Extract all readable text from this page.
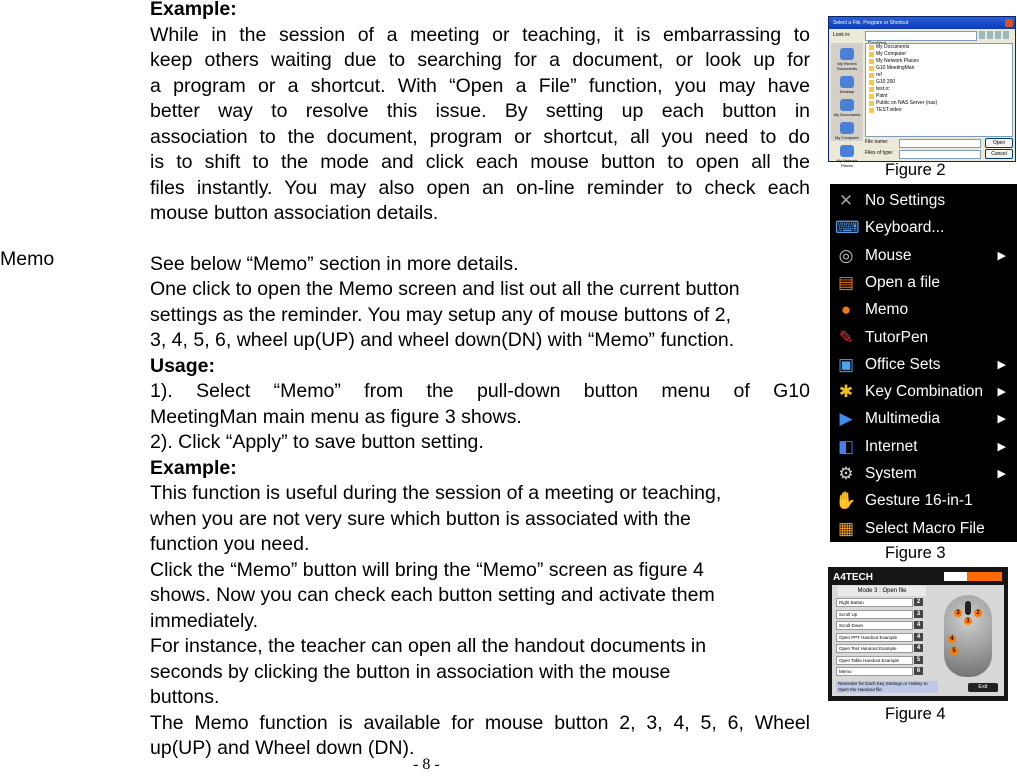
Example:

While in the session of a meeting or teaching, it is embarrassing to

keep others waiting due to searching for a document, or look up for

a program or a shortcut. With “Open a File” function, you may have

better way to resolve this issue. By setting up each button in

association to the document, program or shortcut, all you need to do

is to shift to the mode and click each mouse button to open all the

files instantly. You may also open an on-line reminder to check each

mouse button association details.

See below “Memo” section in more details.

One click to open the Memo screen and list out all the current button

settings as the reminder. You may setup any of mouse buttons of 2,

3, 4, 5, 6, wheel up(UP) and wheel down(DN) with “Memo” function.

Usage:

1). Select “Memo” from the pull-down button menu of G10

MeetingMan main menu as figure 3 shows.

2). Click “Apply” to save button setting.

Example:

This function is useful during the session of a meeting or teaching,

when you are not very sure which button is associated with the

function you need.

Click the “Memo” button will bring the “Memo” screen as figure 4

shows. Now you can check each button setting and activate them

immediately.

For instance, the teacher can open all the handout documents in

seconds by clicking the button in association with the mouse

buttons.

The Memo function is available for mouse button 2, 3, 4, 5, 6, Wheel

up(UP) and Wheel down (DN).

Memo
- 8 -
Select a File, Program or Shortcut
Look in:
My Recent Documents
Desktop
My Documents
My Computer
My Network Places
My Documents
My Computer
My Network Places
G10 MeetingMan
ref
G10 200
test.rc
Paint
Public on NAS Server (nas)
TEST.video
File name:
Files of type:
Open
Cancel
Figure 2
✕ No Settings
⌨ Keyboard...
◎ Mouse	▶
▤ Open a file
● Memo
✎ TutorPen
▣ Office Sets	▶
✱ Key Combination ▶
▶ Multimedia	▶
◧ Internet	▶
⚙ System	▶
✋ Gesture 16-in-1
▦ Select Macro File
Figure 3
A4TECH
Mode 3 : Open file
Reminder for Each Key Settings or Hotkey to Open the Handout file.	Exit
3
1
2
4
5
Right Button	2
Scroll Up	3
Scroll Down	4
Open PPT Handout Example	4
Open Text Handout Example	4
Open Table Handout Example	5
Memo	6
Figure 4
